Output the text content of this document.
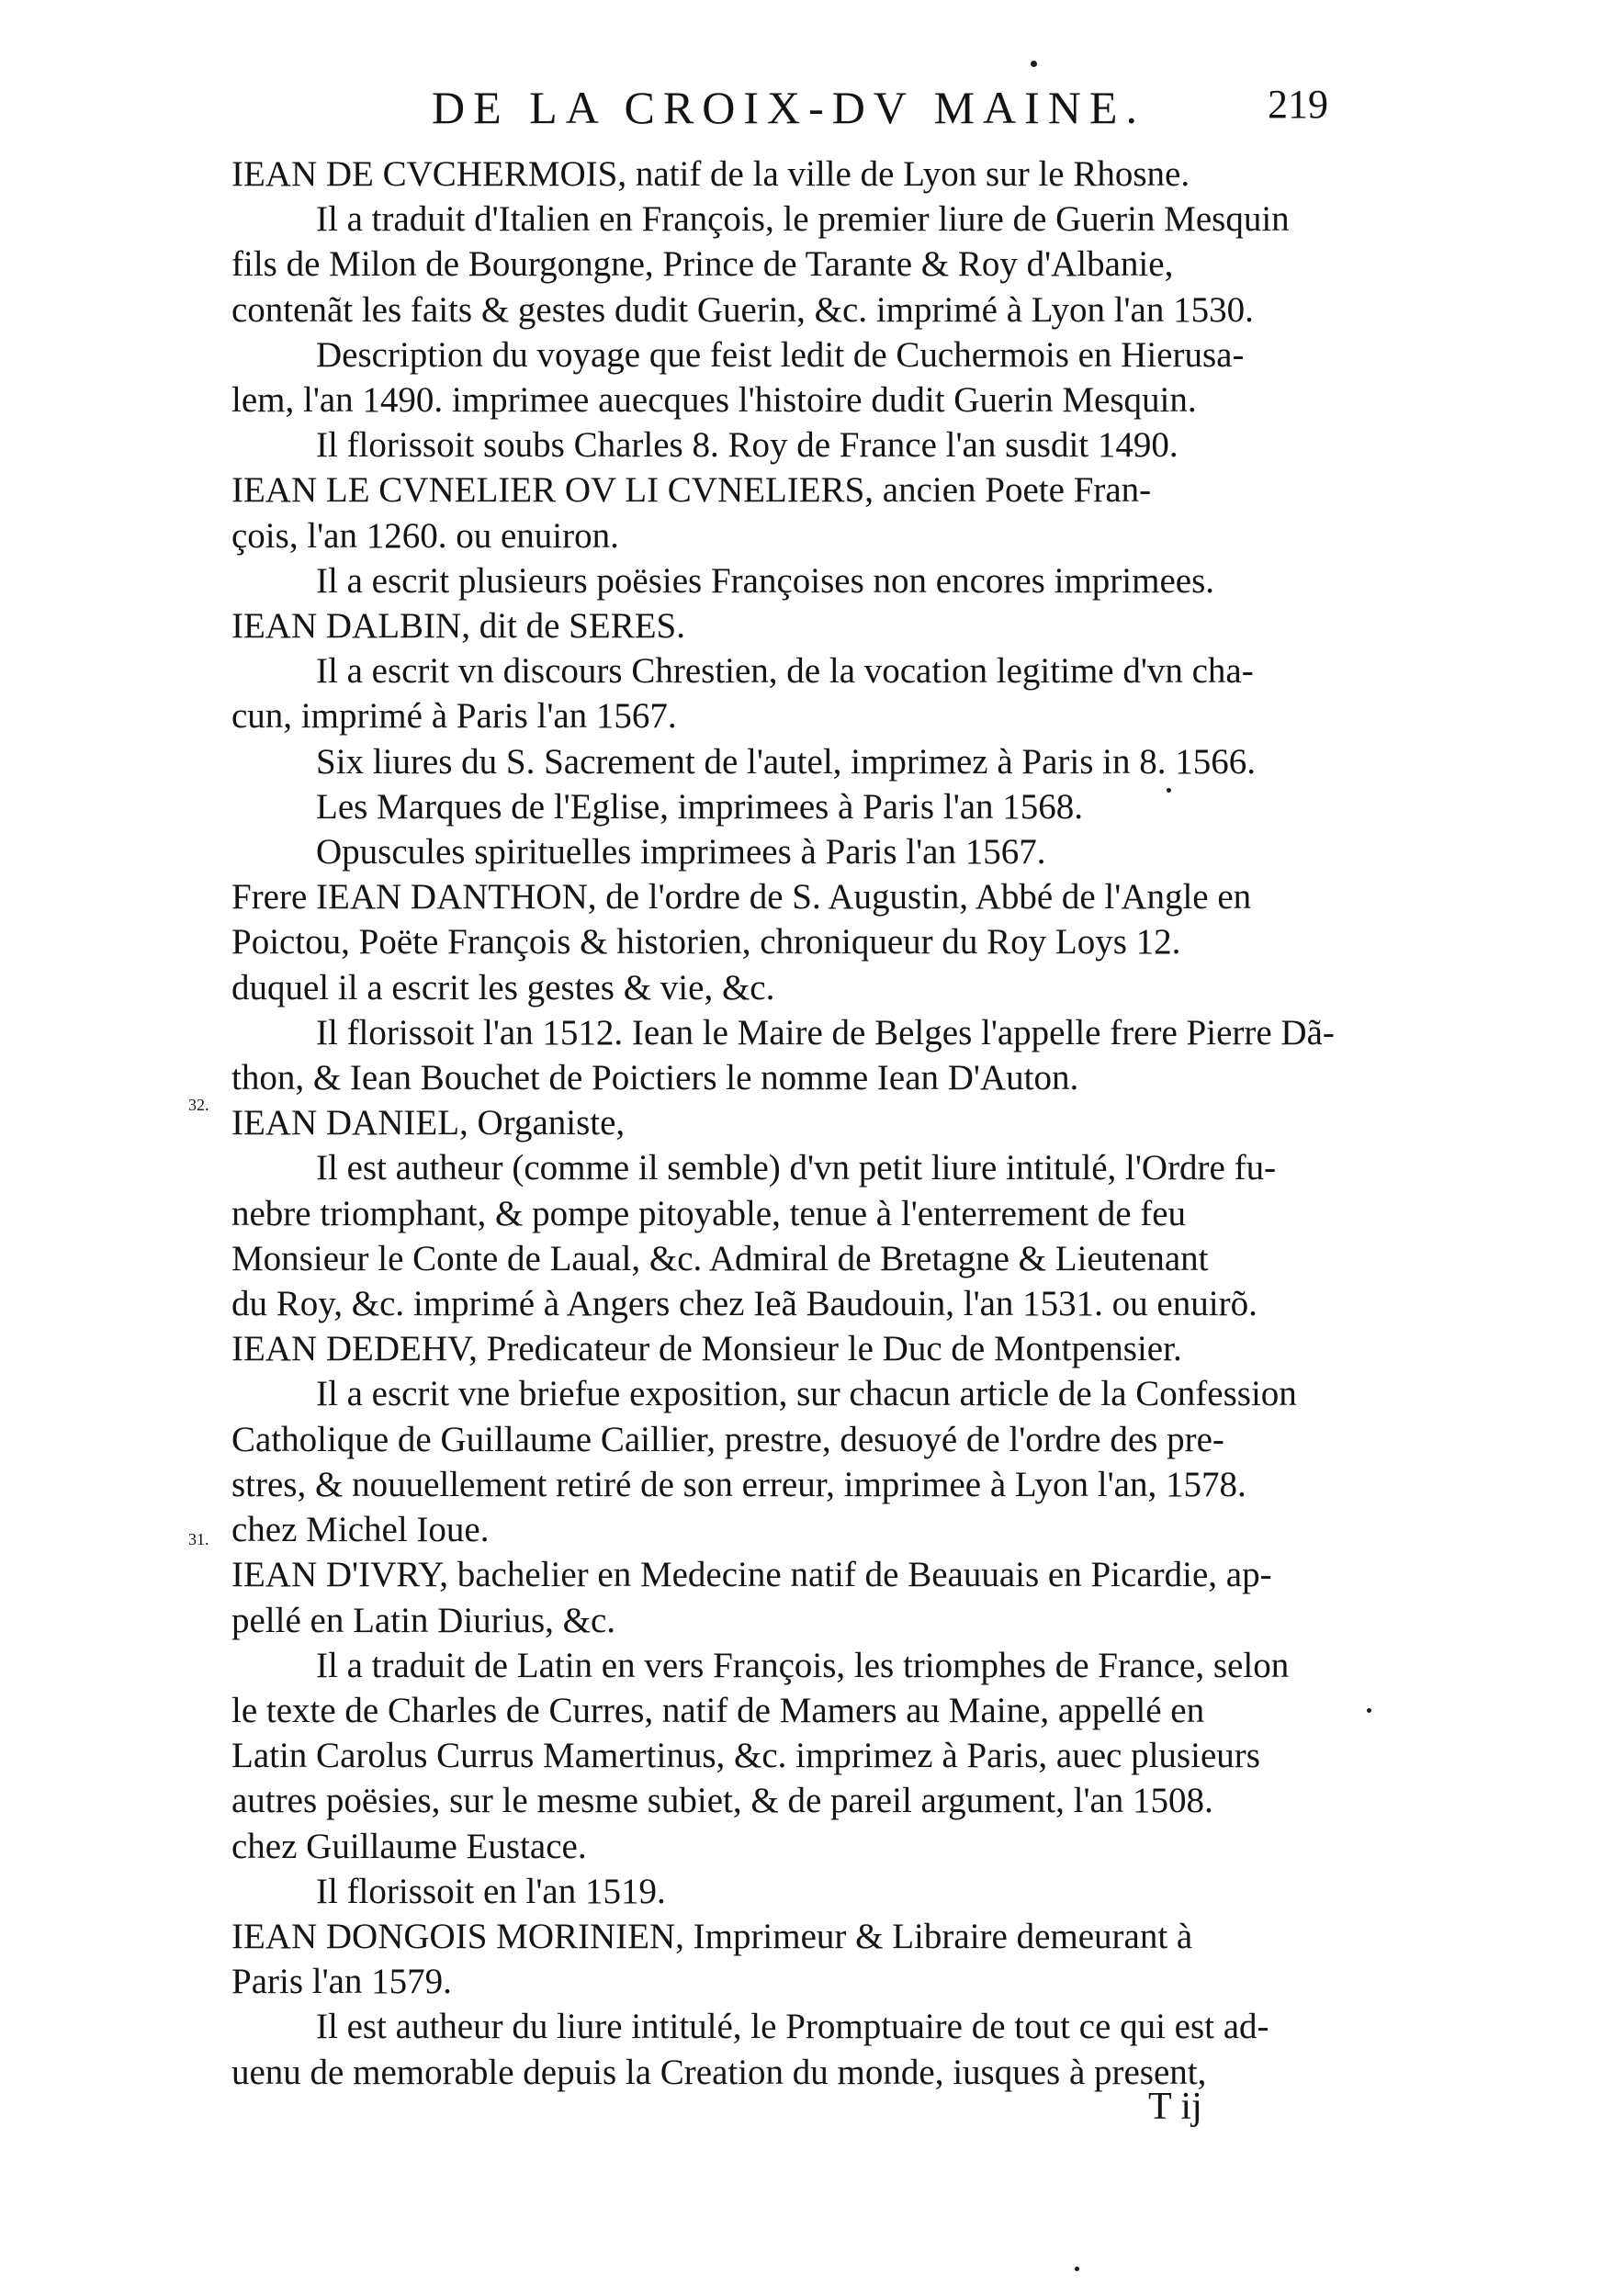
DE LA CROIX-DV MAINE.	219
IEAN DE CVCHERMOIS, natif de la ville de Lyon sur le Rhosne.
Il a traduit d'Italien en François, le premier liure de Guerin Mesquin
fils de Milon de Bourgongne, Prince de Tarante & Roy d'Albanie,
contenãt les faits & gestes dudit Guerin, &c. imprimé à Lyon l'an 1530.
Description du voyage que feist ledit de Cuchermois en Hierusa-
lem, l'an 1490. imprimee auecques l'histoire dudit Guerin Mesquin.
Il florissoit soubs Charles 8. Roy de France l'an susdit 1490.
IEAN LE CVNELIER OV LI CVNELIERS, ancien Poete Fran-
çois, l'an 1260. ou enuiron.
Il a escrit plusieurs poësies Françoises non encores imprimees.
IEAN DALBIN, dit de SERES.
Il a escrit vn discours Chrestien, de la vocation legitime d'vn cha-
cun, imprimé à Paris l'an 1567.
Six liures du S. Sacrement de l'autel, imprimez à Paris in 8. 1566.
Les Marques de l'Eglise, imprimees à Paris l'an 1568.
Opuscules spirituelles imprimees à Paris l'an 1567.
Frere IEAN DANTHON, de l'ordre de S. Augustin, Abbé de l'Angle en
Poictou, Poëte François & historien, chroniqueur du Roy Loys 12.
duquel il a escrit les gestes & vie, &c.
Il florissoit l'an 1512. Iean le Maire de Belges l'appelle frere Pierre Dã-
thon, & Iean Bouchet de Poictiers le nomme Iean D'Auton.
IEAN DANIEL, Organiste,
Il est autheur (comme il semble) d'vn petit liure intitulé, l'Ordre fu-
nebre triomphant, & pompe pitoyable, tenue à l'enterrement de feu
Monsieur le Conte de Laual, &c. Admiral de Bretagne & Lieutenant
du Roy, &c. imprimé à Angers chez Ieã Baudouin, l'an 1531. ou enuirõ.
IEAN DEDEHV, Predicateur de Monsieur le Duc de Montpensier.
Il a escrit vne briefue exposition, sur chacun article de la Confession
Catholique de Guillaume Caillier, prestre, desuoyé de l'ordre des pre-
stres, & nouuellement retiré de son erreur, imprimee à Lyon l'an, 1578.
chez Michel Ioue.
IEAN D'IVRY, bachelier en Medecine natif de Beauuais en Picardie, ap-
pellé en Latin Diurius, &c.
Il a traduit de Latin en vers François, les triomphes de France, selon
le texte de Charles de Curres, natif de Mamers au Maine, appellé en
Latin Carolus Currus Mamertinus, &c. imprimez à Paris, auec plusieurs
autres poësies, sur le mesme subiet, & de pareil argument, l'an 1508.
chez Guillaume Eustace.
Il florissoit en l'an 1519.
IEAN DONGOIS MORINIEN, Imprimeur & Libraire demeurant à
Paris l'an 1579.
Il est autheur du liure intitulé, le Promptuaire de tout ce qui est ad-
uenu de memorable depuis la Creation du monde, iusques à present,
32.
31.
T ij
